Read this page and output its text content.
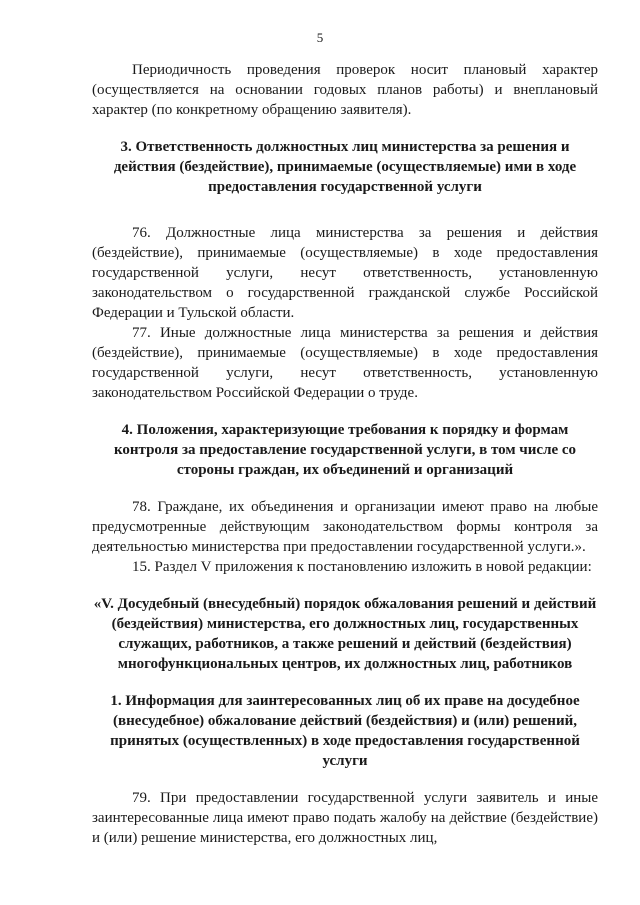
5

Периодичность проведения проверок носит плановый характер (осуществляется на основании годовых планов работы) и внеплановый характер (по конкретному обращению заявителя).

3. Ответственность должностных лиц министерства за решения и действия (бездействие), принимаемые (осуществляемые) ими в ходе предоставления государственной услуги

76. Должностные лица министерства за решения и действия (бездействие), принимаемые (осуществляемые) в ходе предоставления государственной услуги, несут ответственность, установленную законодательством о государственной гражданской службе Российской Федерации и Тульской области.

77. Иные должностные лица министерства за решения и действия (бездействие), принимаемые (осуществляемые) в ходе предоставления государственной услуги, несут ответственность, установленную законодательством Российской Федерации о труде.

4. Положения, характеризующие требования к порядку и формам контроля за предоставление государственной услуги, в том числе со стороны граждан, их объединений и организаций

78. Граждане, их объединения и организации имеют право на любые предусмотренные действующим законодательством формы контроля за деятельностью министерства при предоставлении государственной услуги.».

15. Раздел V приложения к постановлению изложить в новой редакции:

«V. Досудебный (внесудебный) порядок обжалования решений и действий (бездействия) министерства, его должностных лиц, государственных служащих, работников, а также решений и действий (бездействия) многофункциональных центров, их должностных лиц, работников
1. Информация для заинтересованных лиц об их праве на досудебное (внесудебное) обжалование действий (бездействия) и (или) решений, принятых (осуществленных) в ходе предоставления государственной услуги

79. При предоставлении государственной услуги заявитель и иные заинтересованные лица имеют право подать жалобу на действие (бездействие) и (или) решение министерства, его должностных лиц,
